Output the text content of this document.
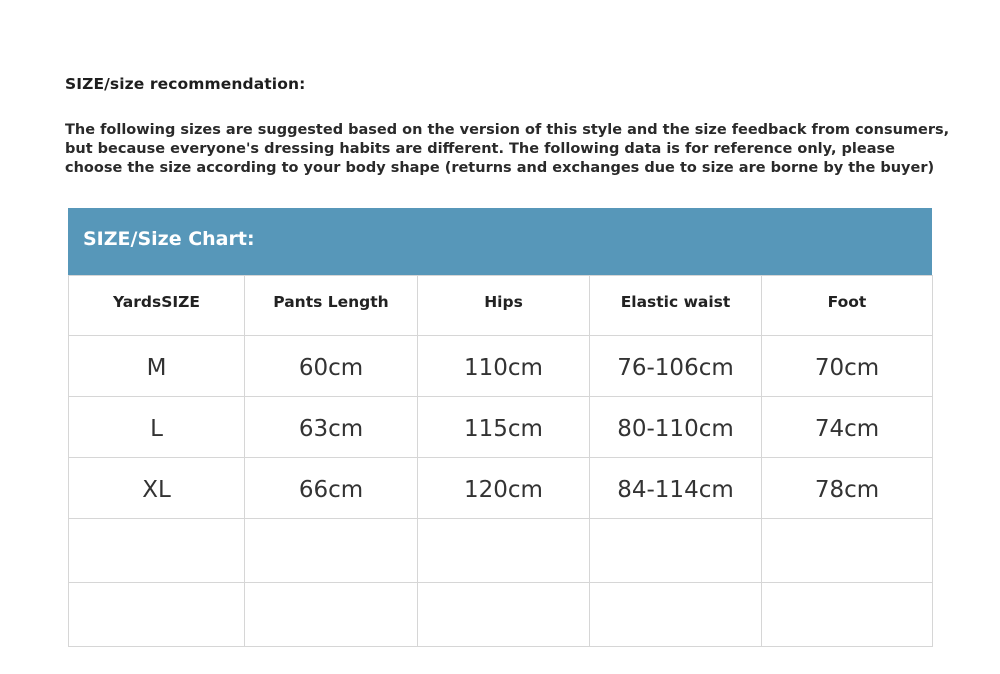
SIZE/size recommendation:
The following sizes are suggested based on the version of this style and the size feedback from consumers,
but because everyone's dressing habits are different. The following data is for reference only, please
choose the size according to your body shape (returns and exchanges due to size are borne by the buyer)
SIZE/Size Chart:
YardsSIZE	Pants Length	Hips	Elastic waist	Foot
M	60cm	110cm	76-106cm	70cm
L	63cm	115cm	80-110cm	74cm
XL	66cm	120cm	84-114cm	78cm
